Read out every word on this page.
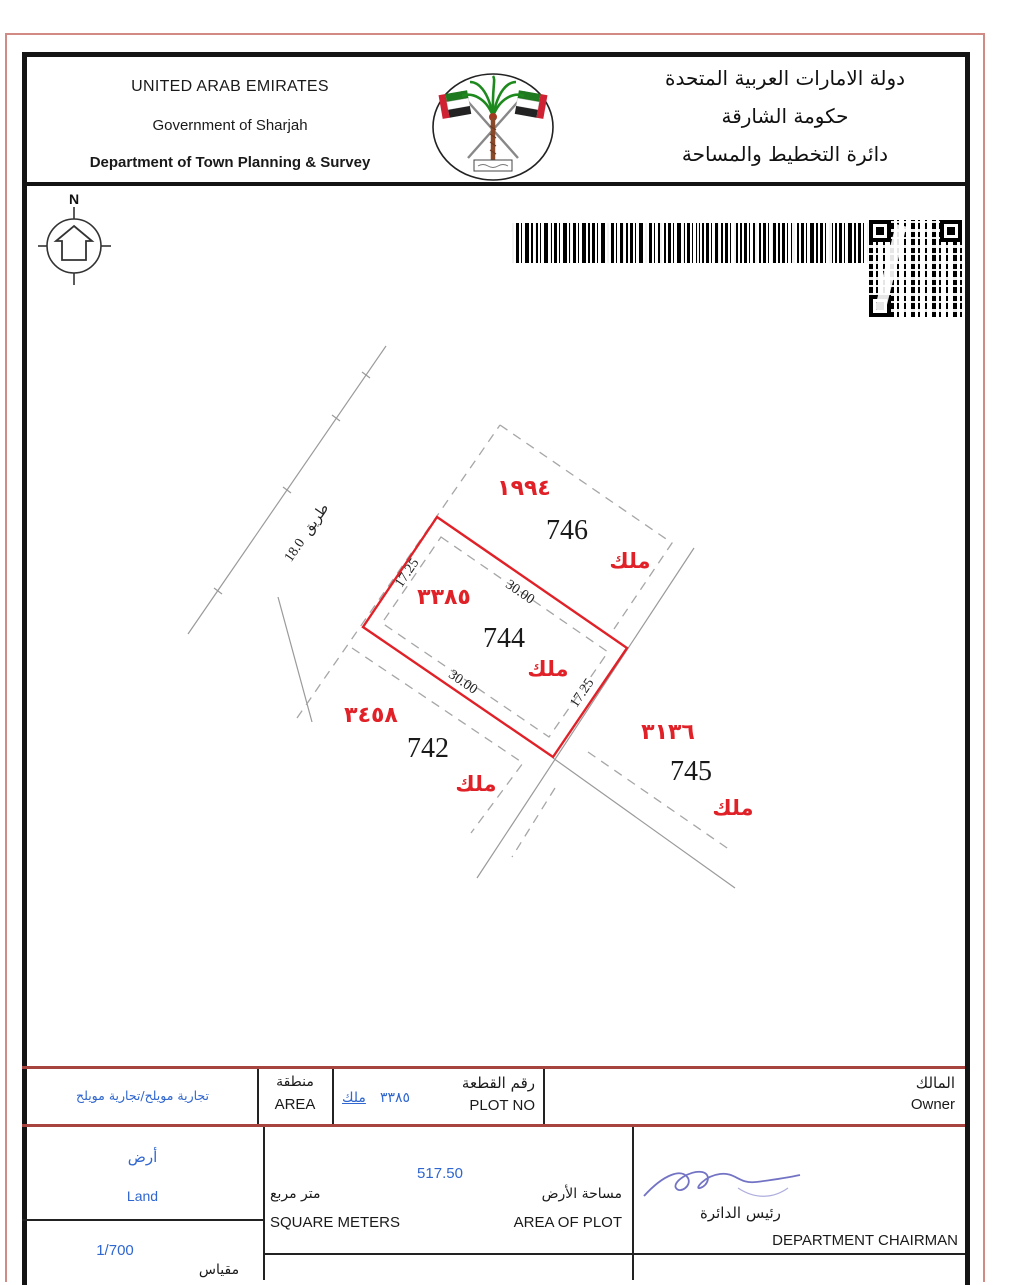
UNITED ARAB EMIRATES
Government of Sharjah
Department of Town Planning & Survey
دولة الامارات العربية المتحدة
حكومة الشارقة
دائرة التخطيط والمساحة
N
18.0طريق
١٩٩٤
746
ملك
٣٣٨٥
744
ملك
30.00
30.00
17.25
17.25
٣٤٥٨
742
ملك
٣١٣٦
745
ملك
تجارية مويلح/تجارية مويلح
منطقة
AREA	ملك ٣٣٨٥
رقم القطعة
PLOT NO
المالك
Owner
أرض
Land
517.50
متر مربع
SQUARE METERS
مساحة الأرض
AREA OF PLOT
رئيس الدائرة
DEPARTMENT CHAIRMAN
1/700
مقياس
